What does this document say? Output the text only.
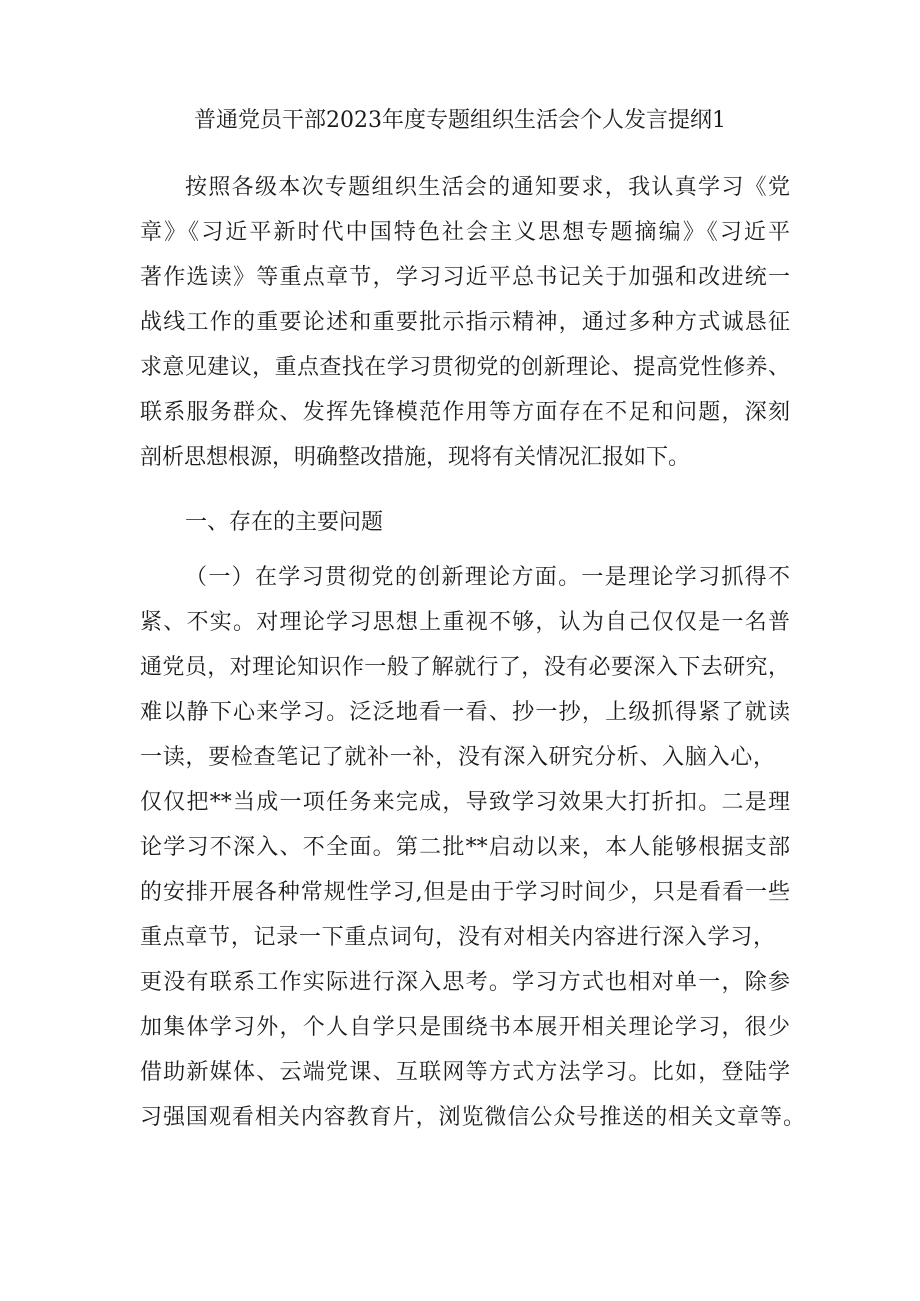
普通党员干部2023年度专题组织生活会个人发言提纲1
按照各级本次专题组织生活会的通知要求，我认真学习《党
章》《习近平新时代中国特色社会主义思想专题摘编》《习近平
著作选读》等重点章节，学习习近平总书记关于加强和改进统一
战线工作的重要论述和重要批示指示精神，通过多种方式诚恳征
求意见建议，重点查找在学习贯彻党的创新理论、提高党性修养、
联系服务群众、发挥先锋模范作用等方面存在不足和问题，深刻
剖析思想根源，明确整改措施，现将有关情况汇报如下。
一、存在的主要问题
（一）在学习贯彻党的创新理论方面。一是理论学习抓得不
紧、不实。对理论学习思想上重视不够，认为自己仅仅是一名普
通党员，对理论知识作一般了解就行了，没有必要深入下去研究，
难以静下心来学习。泛泛地看一看、抄一抄，上级抓得紧了就读
一读，要检查笔记了就补一补，没有深入研究分析、入脑入心，
仅仅把**当成一项任务来完成，导致学习效果大打折扣。二是理
论学习不深入、不全面。第二批**启动以来，本人能够根据支部
的安排开展各种常规性学习,但是由于学习时间少，只是看看一些
重点章节，记录一下重点词句，没有对相关内容进行深入学习，
更没有联系工作实际进行深入思考。学习方式也相对单一，除参
加集体学习外，个人自学只是围绕书本展开相关理论学习，很少
借助新媒体、云端党课、互联网等方式方法学习。比如，登陆学
习强国观看相关内容教育片，浏览微信公众号推送的相关文章等。
